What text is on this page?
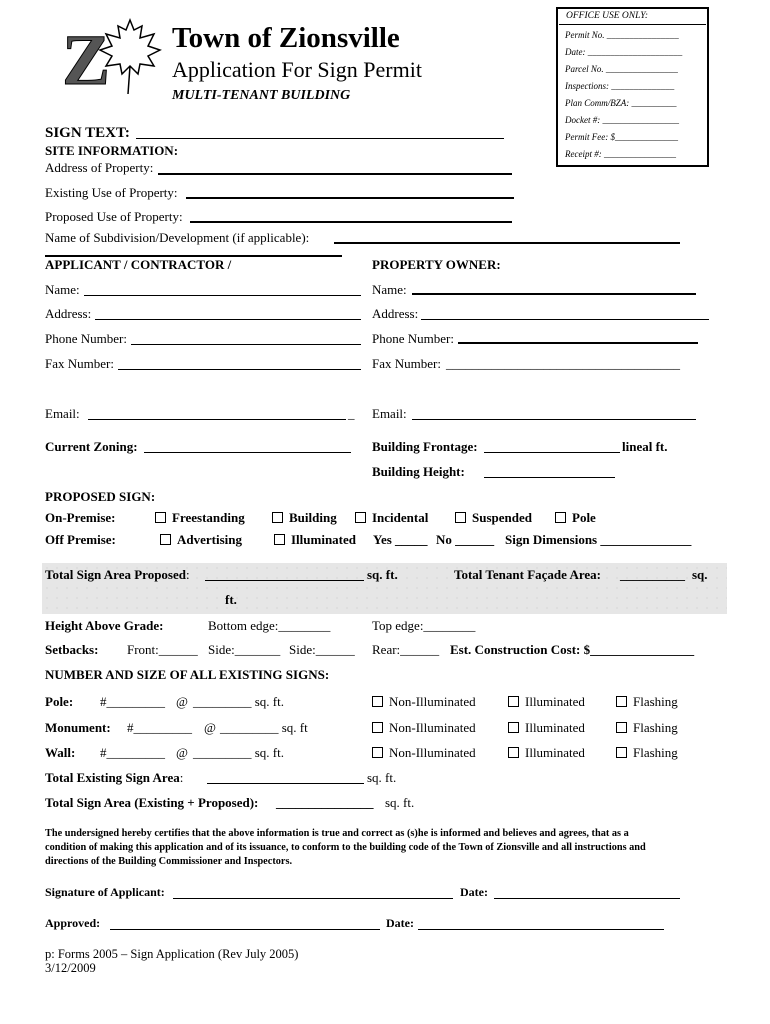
Z Town of Zionsville
Application For Sign Permit
MULTI-TENANT BUILDING
OFFICE USE ONLY:
Permit No. ________________
Date: _____________________
Parcel No. ________________
Inspections: ______________
Plan Comm/BZA: __________
Docket #: _________________
Permit Fee: $______________
Receipt #: ________________
SIGN TEXT:
SITE INFORMATION:
Address of Property:
Existing Use of Property:
Proposed Use of Property:
Name of Subdivision/Development (if applicable):
APPLICANT / CONTRACTOR /	PROPERTY OWNER:
Name:	Name:
Address:	Address:
Phone Number:	Phone Number:
Fax Number:	Fax Number: ____________________________________
Email:	_ Email:
Current Zoning:	Building Frontage:	lineal ft.
Building Height:
PROPOSED SIGN:
On-Premise:	Freestanding	Building	Incidental	Suspended	Pole
Off Premise:	Advertising	Illuminated Yes _____ No ______ Sign Dimensions ______________
Total Sign Area Proposed:	sq. ft.	Total Tenant Façade Area: __________ sq.
ft.
Height Above Grade:	Bottom edge:________	Top edge:________
Setbacks: Front:______ Side:_______ Side:______ Rear:______ Est. Construction Cost: $________________
NUMBER AND SIZE OF ALL EXISTING SIGNS:
Pole: #_________ @ _________ sq. ft.	Non-Illuminated	Illuminated	Flashing
Monument: #_________ @ _________ sq. ft	Non-Illuminated	Illuminated	Flashing
Wall: #_________ @ _________ sq. ft.	Non-Illuminated	Illuminated	Flashing
Total Existing Sign Area:	sq. ft.
Total Sign Area (Existing + Proposed): _______________ sq. ft.
The undersigned hereby certifies that the above information is true and correct as (s)he is informed and believes and agrees, that as a
condition of making this application and of its issuance, to conform to the building code of the Town of Zionsville and all instructions and
directions of the Building Commissioner and Inspectors.
Signature of Applicant:	Date:
Approved:	Date:
p: Forms 2005 – Sign Application (Rev July 2005)
3/12/2009
